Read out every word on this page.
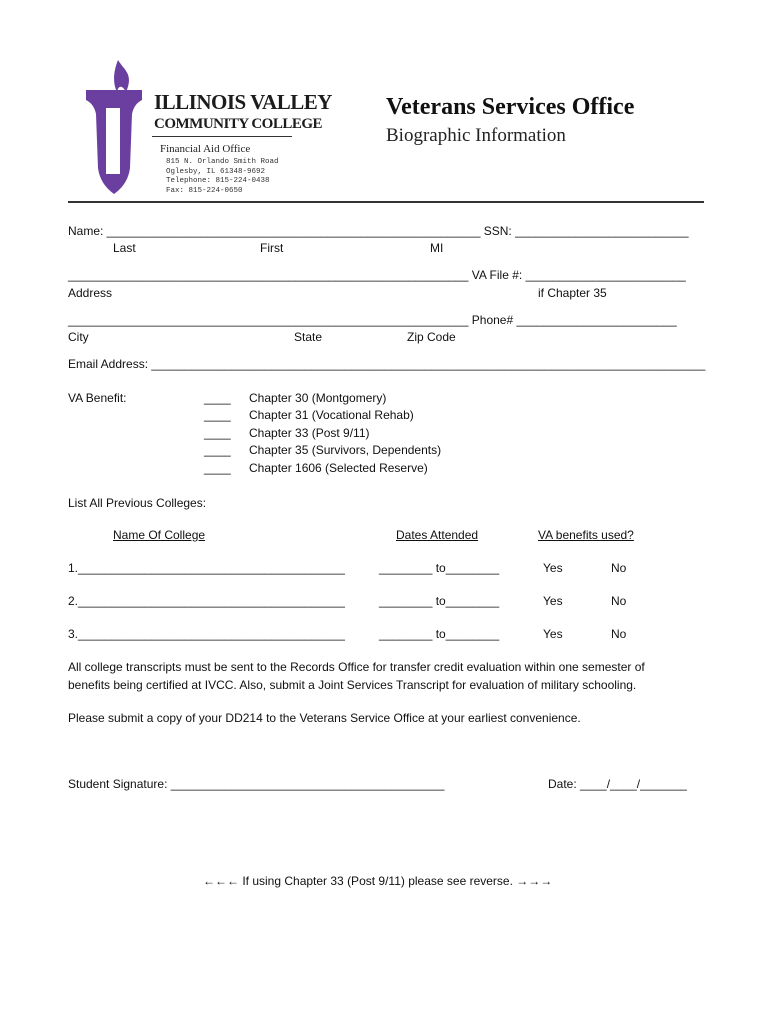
ILLINOIS VALLEY
COMMUNITY COLLEGE
Financial Aid Office
815 N. Orlando Smith Road
Oglesby, IL 61348-9692
Telephone: 815-224-0438
Fax: 815-224-0650
Veterans Services Office
Biographic Information
Name: ________________________________________________________ SSN: __________________________
Last	First	MI
____________________________________________________________ VA File #: ________________________
Address	if Chapter 35
____________________________________________________________ Phone# ________________________
City	State	Zip Code
Email Address: ___________________________________________________________________________________
VA Benefit:	____ Chapter 30 (Montgomery)
____ Chapter 31 (Vocational Rehab)
____ Chapter 33 (Post 9/11)
____ Chapter 35 (Survivors, Dependents)
____ Chapter 1606 (Selected Reserve)
List All Previous Colleges:
Name Of College	Dates Attended	VA benefits used?
1.________________________________________	________ to________	Yes	No
2.________________________________________	________ to________	Yes	No
3.________________________________________	________ to________	Yes	No
All college transcripts must be sent to the Records Office for transfer credit evaluation within one semester of
benefits being certified at IVCC. Also, submit a Joint Services Transcript for evaluation of military schooling.
Please submit a copy of your DD214 to the Veterans Service Office at your earliest convenience.
Student Signature: _________________________________________	Date: ____/____/_______
←←← If using Chapter 33 (Post 9/11) please see reverse. →→→
